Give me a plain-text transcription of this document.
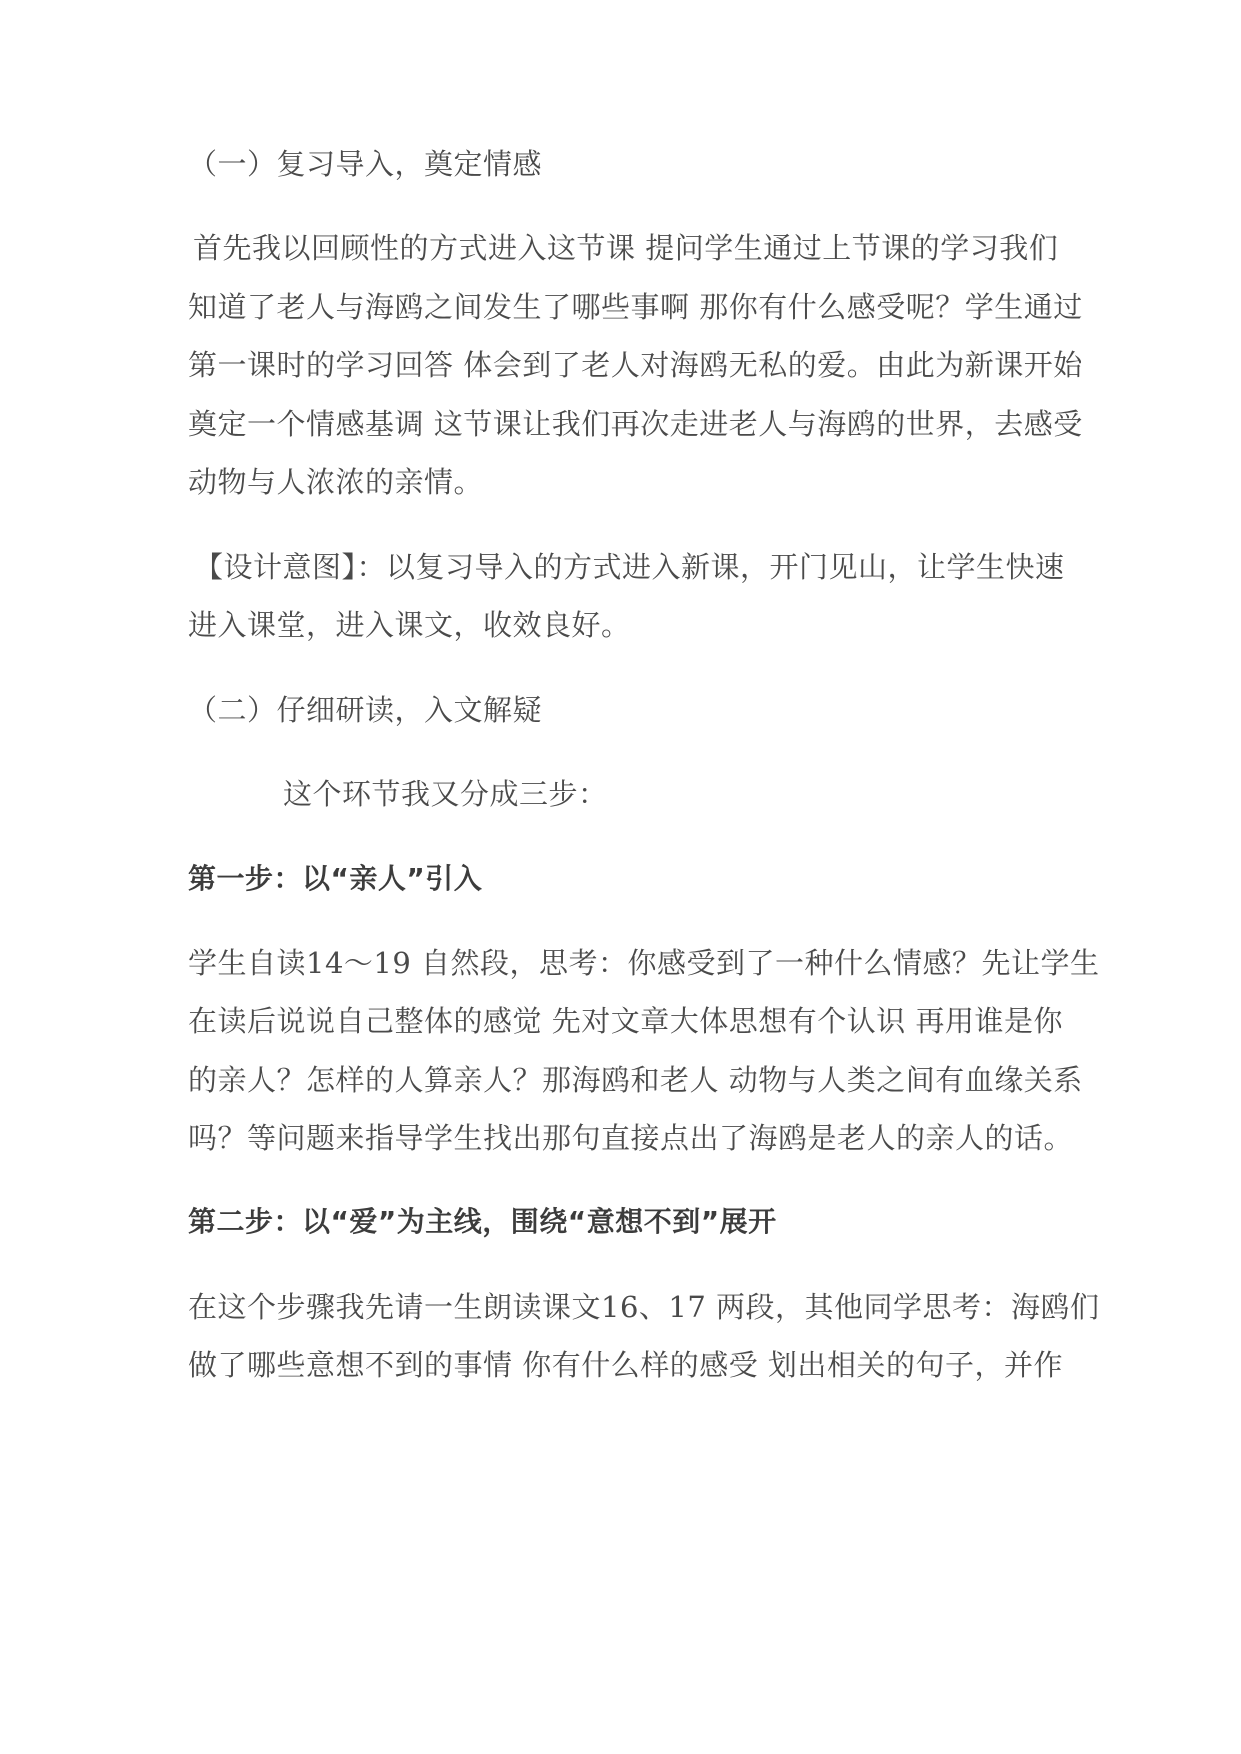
（一）复习导入，奠定情感
首先我以回顾性的方式进入这节课 提问学生通过上节课的学习我们
知道了老人与海鸥之间发生了哪些事啊 那你有什么感受呢？学生通过
第一课时的学习回答 体会到了老人对海鸥无私的爱。由此为新课开始
奠定一个情感基调 这节课让我们再次走进老人与海鸥的世界，去感受
动物与人浓浓的亲情。
【设计意图】：以复习导入的方式进入新课，开门见山，让学生快速
进入课堂，进入课文，收效良好。
（二）仔细研读，入文解疑
这个环节我又分成三步：
第一步：以“亲人”引入
学生自读14～19 自然段，思考：你感受到了一种什么情感？先让学生
在读后说说自己整体的感觉 先对文章大体思想有个认识 再用谁是你
的亲人？怎样的人算亲人？那海鸥和老人 动物与人类之间有血缘关系
吗？等问题来指导学生找出那句直接点出了海鸥是老人的亲人的话。
第二步：以“爱”为主线，围绕“意想不到”展开
在这个步骤我先请一生朗读课文16、17 两段，其他同学思考：海鸥们
做了哪些意想不到的事情 你有什么样的感受 划出相关的句子，并作
